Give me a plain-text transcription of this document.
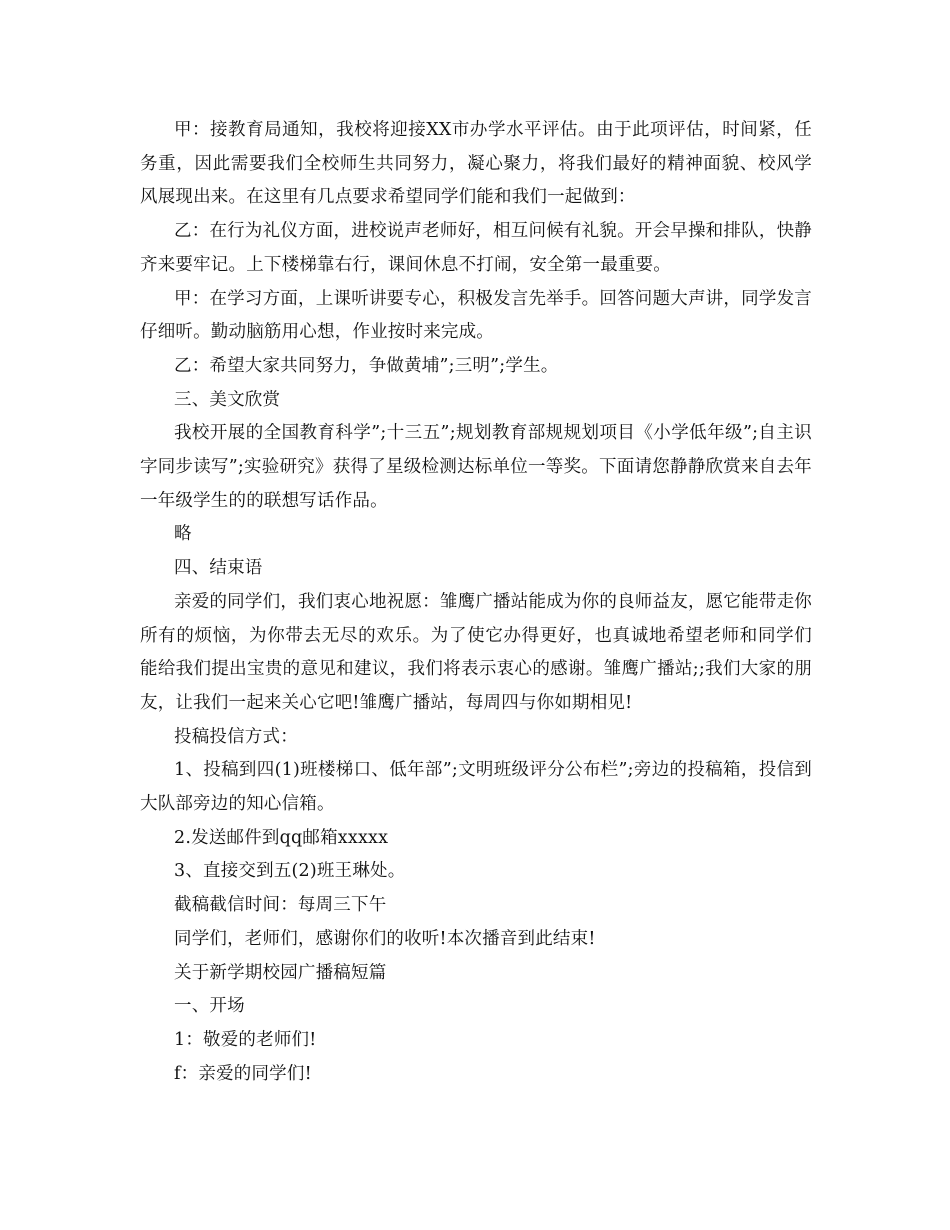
甲：接教育局通知，我校将迎接XX市办学水平评估。由于此项评估，时间紧，任务重，因此需要我们全校师生共同努力，凝心聚力，将我们最好的精神面貌、校风学风展现出来。在这里有几点要求希望同学们能和我们一起做到：

乙：在行为礼仪方面，进校说声老师好，相互问候有礼貌。开会早操和排队，快静齐来要牢记。上下楼梯靠右行，课间休息不打闹，安全第一最重要。

甲：在学习方面，上课听讲要专心，积极发言先举手。回答问题大声讲，同学发言仔细听。勤动脑筋用心想，作业按时来完成。

乙：希望大家共同努力，争做黄埔”;三明”;学生。

三、美文欣赏

我校开展的全国教育科学”;十三五”;规划教育部规规划项目《小学低年级”;自主识字同步读写”;实验研究》获得了星级检测达标单位一等奖。下面请您静静欣赏来自去年一年级学生的的联想写话作品。

略

四、结束语

亲爱的同学们，我们衷心地祝愿：雏鹰广播站能成为你的良师益友，愿它能带走你所有的烦恼，为你带去无尽的欢乐。为了使它办得更好，也真诚地希望老师和同学们能给我们提出宝贵的意见和建议，我们将表示衷心的感谢。雏鹰广播站;;我们大家的朋友，让我们一起来关心它吧!雏鹰广播站，每周四与你如期相见!

投稿投信方式：

1、投稿到四(1)班楼梯口、低年部”;文明班级评分公布栏”;旁边的投稿箱，投信到大队部旁边的知心信箱。

2.发送邮件到qq邮箱xxxxx

3、直接交到五(2)班王琳处。

截稿截信时间：每周三下午

同学们，老师们，感谢你们的收听!本次播音到此结束!

关于新学期校园广播稿短篇

一、开场

1：敬爱的老师们!

f：亲爱的同学们!
